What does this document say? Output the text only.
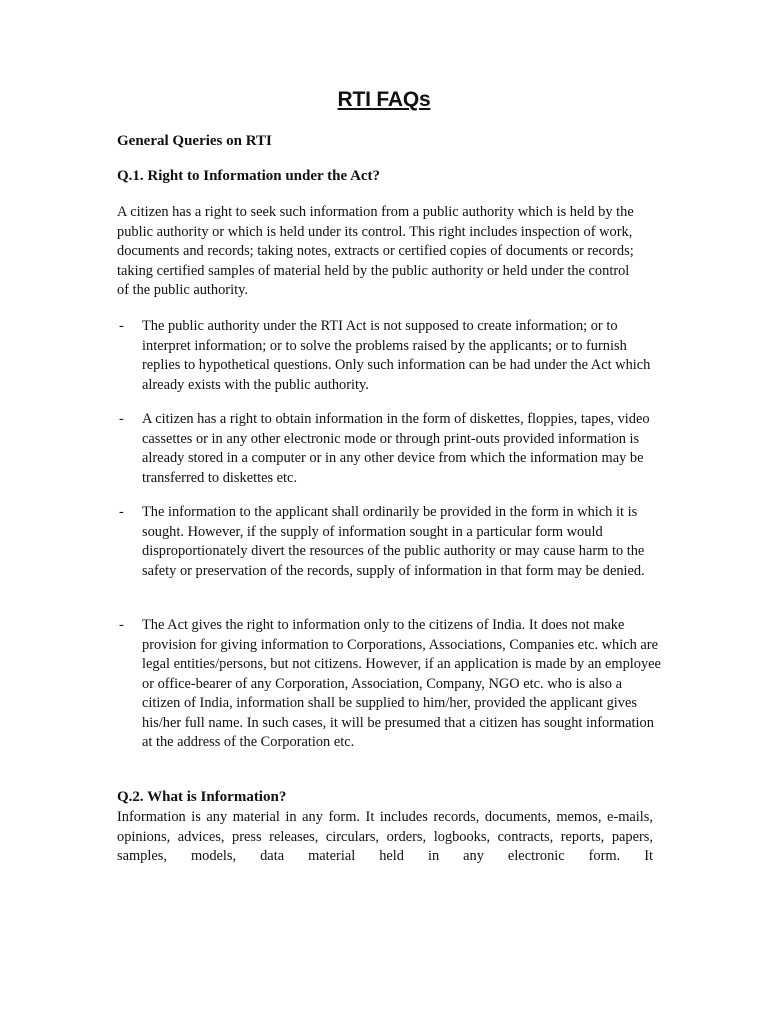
RTI FAQs
General Queries on RTI
Q.1. Right to Information under the Act?

A citizen has a right to seek such information from a public authority which is held by the public authority or which is held under its control. This right includes inspection of work, documents and records; taking notes, extracts or certified copies of documents or records; taking certified samples of material held by the public authority or held under the control of the public authority.

- The public authority under the RTI Act is not supposed to create information; or to interpret information; or to solve the problems raised by the applicants; or to furnish replies to hypothetical questions. Only such information can be had under the Act which already exists with the public authority.
- A citizen has a right to obtain information in the form of diskettes, floppies, tapes, video cassettes or in any other electronic mode or through print-outs provided information is already stored in a computer or in any other device from which the information may be transferred to diskettes etc.
- The information to the applicant shall ordinarily be provided in the form in which it is sought. However, if the supply of information sought in a particular form would disproportionately divert the resources of the public authority or may cause harm to the safety or preservation of the records, supply of information in that form may be denied.
- The Act gives the right to information only to the citizens of India. It does not make provision for giving information to Corporations, Associations, Companies etc. which are legal entities/persons, but not citizens. However, if an application is made by an employee or office-bearer of any Corporation, Association, Company, NGO etc. who is also a citizen of India, information shall be supplied to him/her, provided the applicant gives his/her full name. In such cases, it will be presumed that a citizen has sought information at the address of the Corporation etc.
Q.2. What is Information?

Information is any material in any form. It includes records, documents, memos, e-mails, opinions, advices, press releases, circulars, orders, logbooks, contracts, reports, papers, samples, models, data material held in any electronic form. It
